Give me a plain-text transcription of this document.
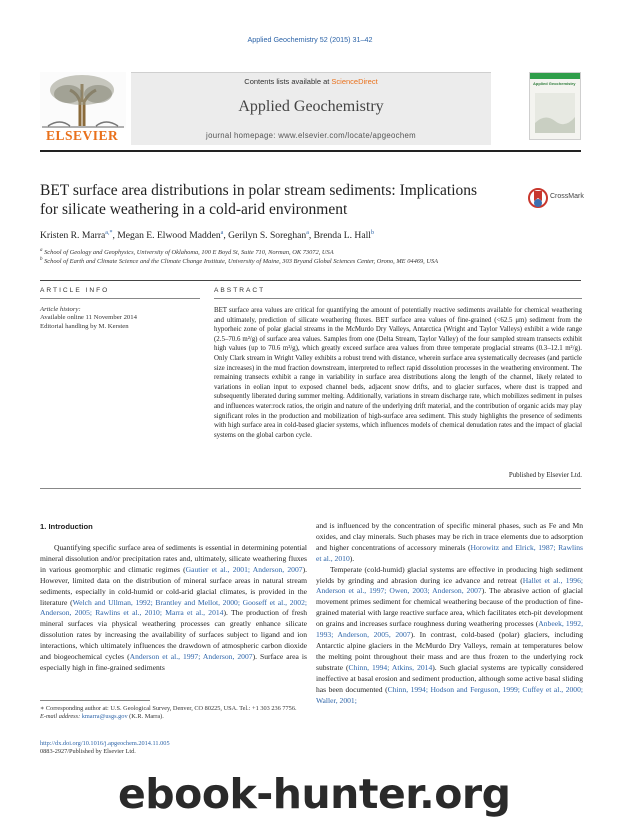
Applied Geochemistry 52 (2015) 31–42
ELSEVIER
Contents lists available at ScienceDirect
Applied Geochemistry
journal homepage: www.elsevier.com/locate/apgeochem
Applied Geochemistry
BET surface area distributions in polar stream sediments: Implications for silicate weathering in a cold-arid environment
CrossMark
Kristen R. Marra$^{a,*}$, Megan E. Elwood Madden$^a$, Gerilyn S. Soreghan$^a$, Brenda L. Hall$^b$
$^a$ School of Geology and Geophysics, University of Oklahoma, 100 E Boyd St, Suite 710, Norman, OK 73072, USA
$^b$ School of Earth and Climate Science and the Climate Change Institute, University of Maine, 303 Bryand Global Sciences Center, Orono, ME 04469, USA
ARTICLE INFO	ABSTRACT
Article history:
Available online 11 November 2014
Editorial handling by M. Kersten
BET surface area values are critical for quantifying the amount of potentially reactive sediments available for chemical weathering and ultimately, prediction of silicate weathering fluxes. BET surface area values of fine-grained (<62.5 μm) sediment from the hyporheic zone of polar glacial streams in the McMurdo Dry Valleys, Antarctica (Wright and Taylor Valleys) exhibit a wide range (2.5–70.6 m²/g) of surface area values. Samples from one (Delta Stream, Taylor Valley) of the four sampled stream transects exhibit high values (up to 70.6 m²/g), which greatly exceed surface area values from three temperate proglacial streams (0.3–12.1 m²/g). Only Clark stream in Wright Valley exhibits a robust trend with distance, wherein surface area systematically decreases (and particle size increases) in the mud fraction downstream, interpreted to reflect rapid dissolution processes in the weathering environment. The remaining transects exhibit a range in variability in surface area distributions along the length of the channel, likely related to variations in eolian input to exposed channel beds, adjacent snow drifts, and to glacier surfaces, where dust is trapped and subsequently liberated during summer melting. Additionally, variations in stream discharge rate, which mobilizes sediment in pulses and influences water:rock ratios, the origin and nature of the underlying drift material, and the contribution of organic acids may play significant roles in the production and mobilization of high-surface area sediment. This study highlights the presence of sediments with high surface area in cold-based glacier systems, which influences models of chemical denudation rates and the impact of glacial systems on the global carbon cycle.
Published by Elsevier Ltd.
1. Introduction
Quantifying specific surface area of sediments is essential in determining potential mineral dissolution and/or precipitation rates and, ultimately, silicate weathering fluxes in various geomorphic and climatic regimes (Gautier et al., 2001; Anderson, 2007). However, limited data on the distribution of mineral surface areas in natural stream sediments, especially in cold-humid or cold-arid glacial climates, is provided in the literature (Welch and Ullman, 1992; Brantley and Mellot, 2000; Gooseff et al., 2002; Anderson, 2005; Rawlins et al., 2010; Marra et al., 2014). The production of fresh mineral surfaces via physical weathering processes can greatly enhance silicate dissolution rates by increasing the availability of surfaces subject to ligand and ion interactions, which ultimately influences the drawdown of atmospheric carbon dioxide and biogeochemical cycles (Anderson et al., 1997; Anderson, 2007). Surface area is especially high in fine-grained sediments
and is influenced by the concentration of specific mineral phases, such as Fe and Mn oxides, and clay minerals. Such phases may be rich in trace elements due to adsorption and higher concentrations of accessory minerals (Horowitz and Elrick, 1987; Rawlins et al., 2010).
Temperate (cold-humid) glacial systems are effective in producing high sediment yields by grinding and abrasion during ice advance and retreat (Hallet et al., 1996; Anderson et al., 1997; Owen, 2003; Anderson, 2007). The abrasive action of glacial movement primes sediment for chemical weathering because of the production of fine-grained material with large reactive surface area, which facilitates etch-pit development on grains and increases surface roughness during weathering processes (Anbeek, 1992, 1993; Anderson, 2005, 2007). In contrast, cold-based (polar) glaciers, including Antarctic alpine glaciers in the McMurdo Dry Valleys, remain at temperatures below the melting point throughout their mass and are thus frozen to the underlying rock substrate (Chinn, 1994; Atkins, 2014). Such glacial systems are typically considered ineffective at basal erosion and sediment production, although some active basal sliding has been documented (Chinn, 1994; Hodson and Ferguson, 1999; Cuffey et al., 2000; Waller, 2001;
∗ Corresponding author at: U.S. Geological Survey, Denver, CO 80225, USA. Tel.: +1 303 236 7756.
E-mail address: kmarra@usgs.gov (K.R. Marra).
http://dx.doi.org/10.1016/j.apgeochem.2014.11.005
0883-2927/Published by Elsevier Ltd.
ebook-hunter.org
